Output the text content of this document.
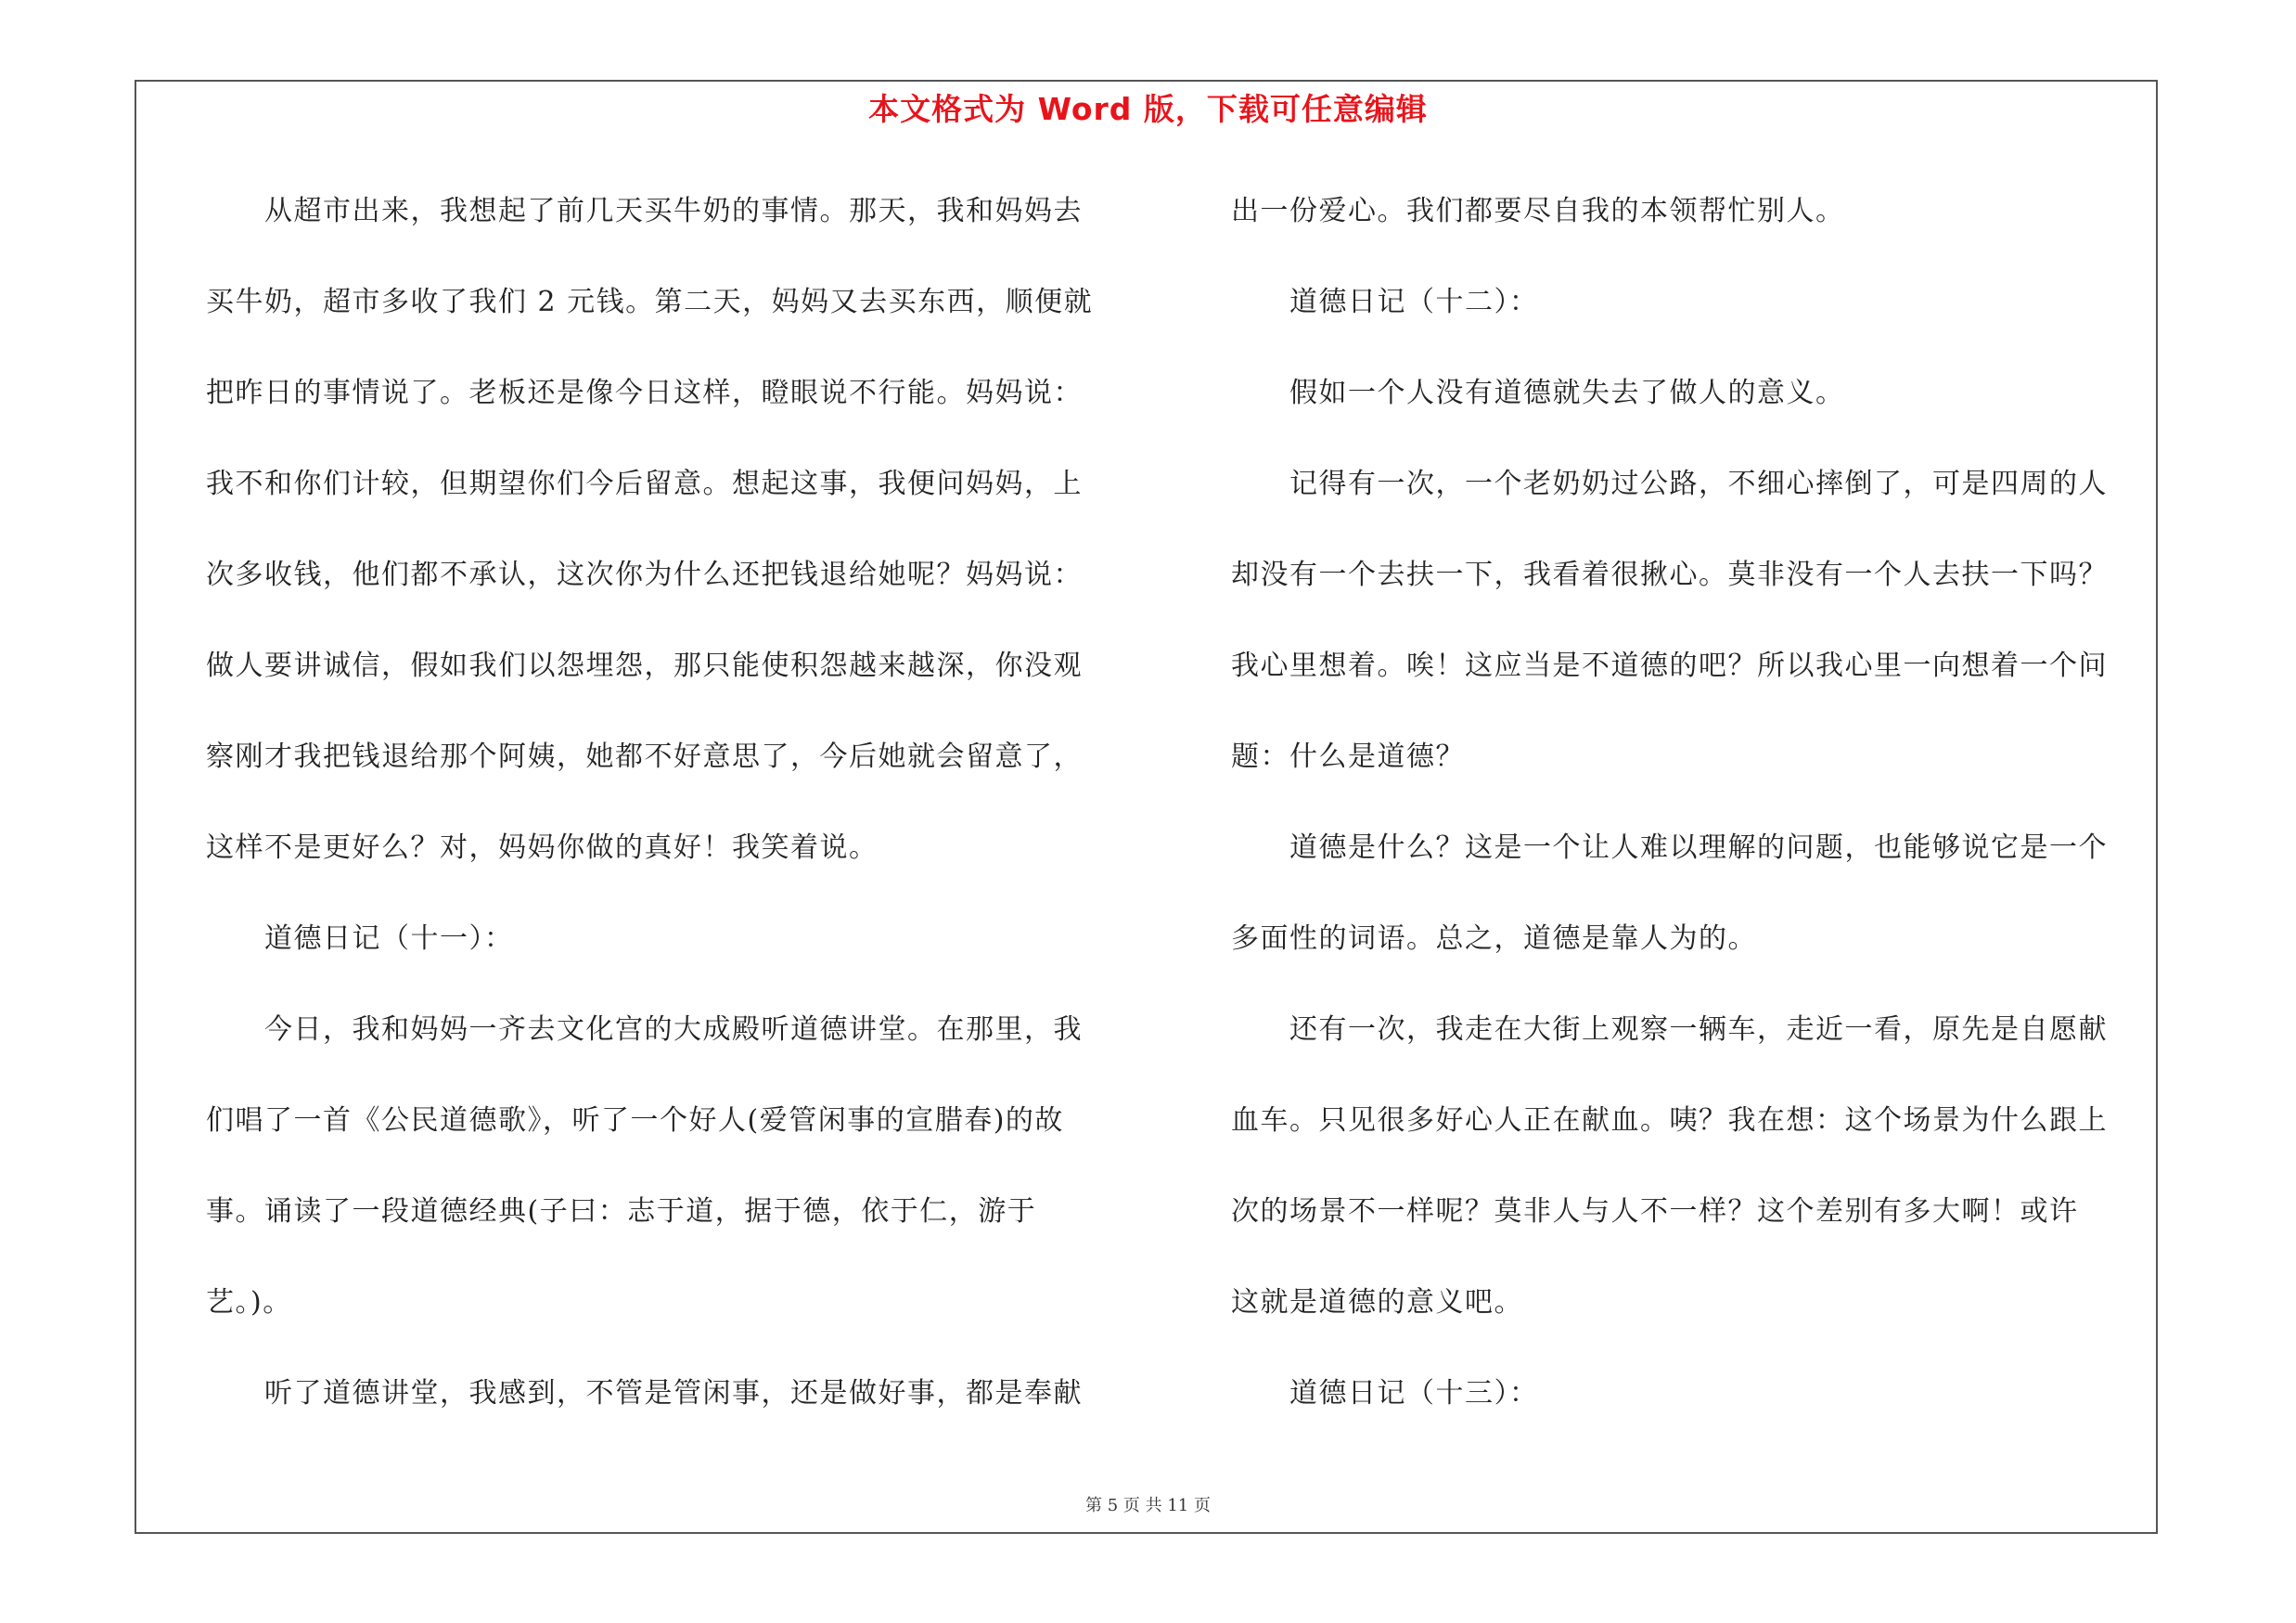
本文格式为 Word 版，下载可任意编辑
　　从超市出来，我想起了前几天买牛奶的事情。那天，我和妈妈去
买牛奶，超市多收了我们 2 元钱。第二天，妈妈又去买东西，顺便就
把昨日的事情说了。老板还是像今日这样，瞪眼说不行能。妈妈说：
我不和你们计较，但期望你们今后留意。想起这事，我便问妈妈，上
次多收钱，他们都不承认，这次你为什么还把钱退给她呢？妈妈说：
做人要讲诚信，假如我们以怨埋怨，那只能使积怨越来越深，你没观
察刚才我把钱退给那个阿姨，她都不好意思了，今后她就会留意了，
这样不是更好么？对，妈妈你做的真好！我笑着说。
　　道德日记（十一）：
　　今日，我和妈妈一齐去文化宫的大成殿听道德讲堂。在那里，我
们唱了一首《公民道德歌》，听了一个好人(爱管闲事的宣腊春)的故
事。诵读了一段道德经典(子曰：志于道，据于德，依于仁，游于
艺。)。
　　听了道德讲堂，我感到，不管是管闲事，还是做好事，都是奉献
出一份爱心。我们都要尽自我的本领帮忙别人。
　　道德日记（十二）：
　　假如一个人没有道德就失去了做人的意义。
　　记得有一次，一个老奶奶过公路，不细心摔倒了，可是四周的人
却没有一个去扶一下，我看着很揪心。莫非没有一个人去扶一下吗？
我心里想着。唉！这应当是不道德的吧？所以我心里一向想着一个问
题：什么是道德？
　　道德是什么？这是一个让人难以理解的问题，也能够说它是一个
多面性的词语。总之，道德是靠人为的。
　　还有一次，我走在大街上观察一辆车，走近一看，原先是自愿献
血车。只见很多好心人正在献血。咦？我在想：这个场景为什么跟上
次的场景不一样呢？莫非人与人不一样？这个差别有多大啊！或许
这就是道德的意义吧。
　　道德日记（十三）：
第 5 页 共 11 页
